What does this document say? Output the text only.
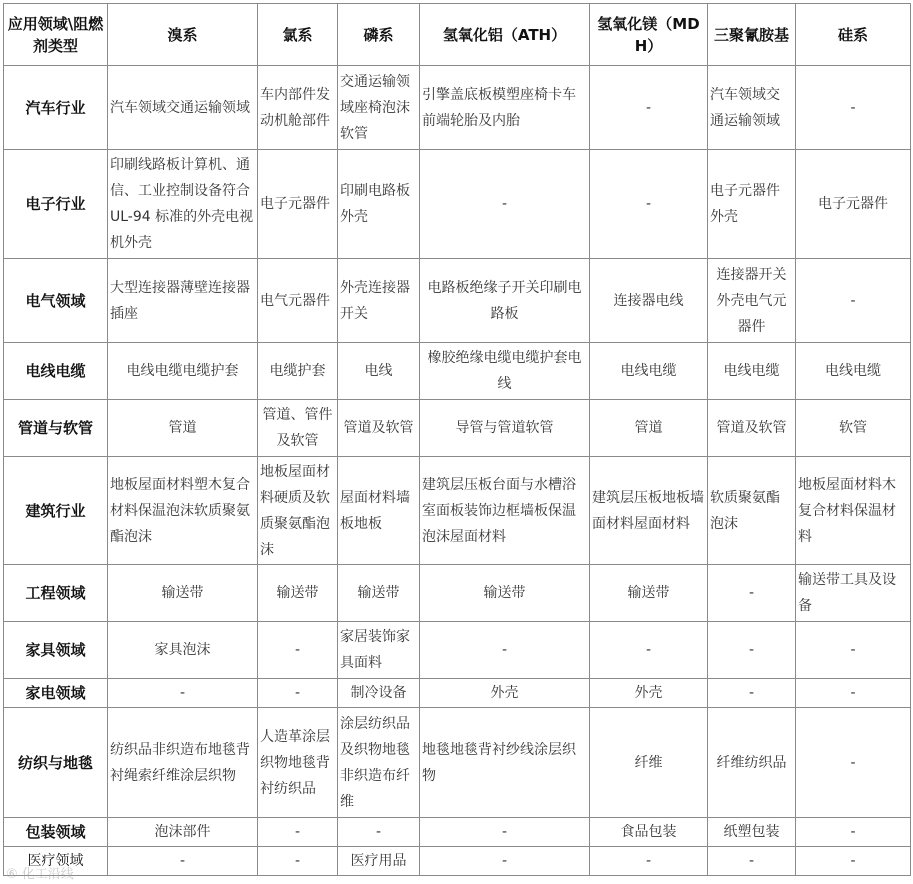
应用领域\阻燃剂类型	溴系	氯系	磷系	氢氧化铝（ATH）	氢氧化镁（MDH）	三聚氰胺基	硅系
汽车行业	汽车领域交通运输领域	车内部件发动机舱部件	交通运输领域座椅泡沫软管	引擎盖底板模塑座椅卡车前端轮胎及内胎	-	汽车领域交通运输领域	-
电子行业	印刷线路板计算机、通信、工业控制设备符合 UL-94 标准的外壳电视机外壳	电子元器件	印刷电路板外壳	-	-	电子元器件外壳	电子元器件
电气领域	大型连接器薄壁连接器插座	电气元器件	外壳连接器开关	电路板绝缘子开关印刷电路板	连接器电线	连接器开关外壳电气元器件	-
电线电缆	电线电缆电缆护套	电缆护套	电线	橡胶绝缘电缆电缆护套电线	电线电缆	电线电缆	电线电缆
管道与软管	管道	管道、管件及软管	管道及软管	导管与管道软管	管道	管道及软管	软管
建筑行业	地板屋面材料塑木复合材料保温泡沫软质聚氨酯泡沫	地板屋面材料硬质及软质聚氨酯泡沫	屋面材料墙板地板	建筑层压板台面与水槽浴室面板装饰边框墙板保温泡沫屋面材料	建筑层压板地板墙面材料屋面材料	软质聚氨酯泡沫	地板屋面材料木复合材料保温材料
工程领域	输送带	输送带	输送带	输送带	输送带	-	输送带工具及设备
家具领域	家具泡沫	-	家居装饰家具面料	-	-	-	-
家电领域	-	-	制冷设备	外壳	外壳	-	-
纺织与地毯	纺织品非织造布地毯背衬绳索纤维涂层织物	人造革涂层织物地毯背衬纺织品	涂层纺织品及织物地毯非织造布纤维	地毯地毯背衬纱线涂层织物	纤维	纤维纺织品	-
包装领域	泡沫部件	-	-	-	食品包装	纸塑包装	-
医疗领域	-	-	医疗用品	-	-	-	-
⑥ 化工沿线
